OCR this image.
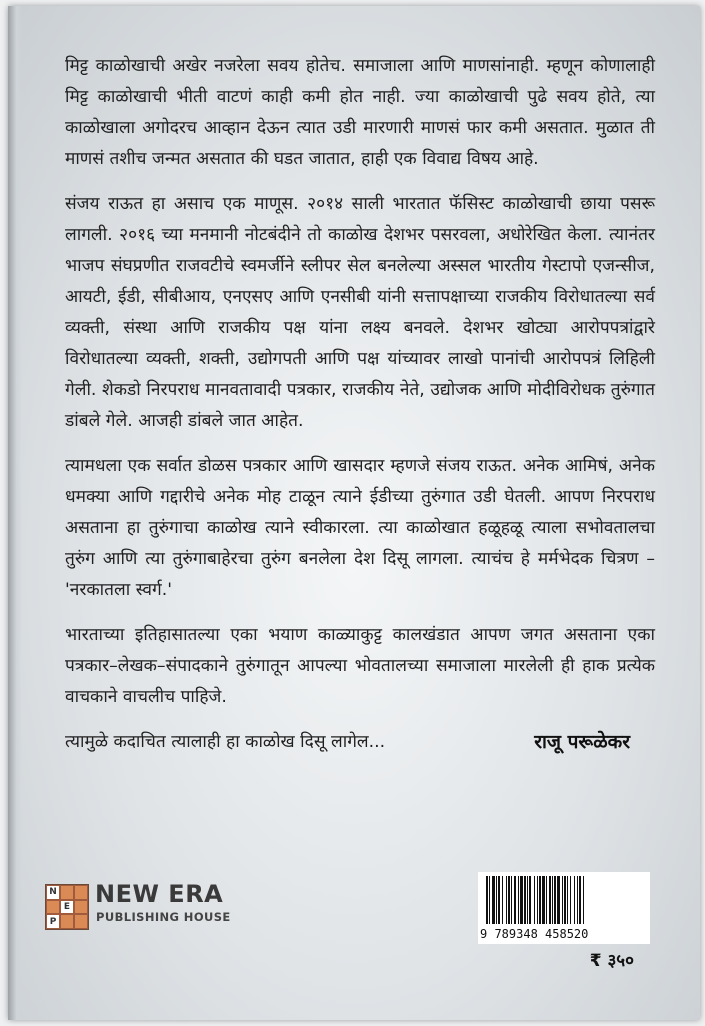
मिट्ट काळोखाची अखेर नजरेला सवय होतेच. समाजाला आणि माणसांनाही. म्हणून कोणालाही मिट्ट काळोखाची भीती वाटणं काही कमी होत नाही. ज्या काळोखाची पुढे सवय होते, त्या काळोखाला अगोदरच आव्हान देऊन त्यात उडी मारणारी माणसं फार कमी असतात. मुळात ती माणसं तशीच जन्मत असतात की घडत जातात, हाही एक विवाद्य विषय आहे.

संजय राऊत हा असाच एक माणूस. २०१४ साली भारतात फॅसिस्ट काळोखाची छाया पसरू लागली. २०१६ च्या मनमानी नोटबंदीने तो काळोख देशभर पसरवला, अधोरेखित केला. त्यानंतर भाजप संघप्रणीत राजवटीचे स्वमर्जीने स्लीपर सेल बनलेल्या अस्सल भारतीय गेस्टापो एजन्सीज, आयटी, ईडी, सीबीआय, एनएसए आणि एनसीबी यांनी सत्तापक्षाच्या राजकीय विरोधातल्या सर्व व्यक्ती, संस्था आणि राजकीय पक्ष यांना लक्ष्य बनवले. देशभर खोट्या आरोपपत्रांद्वारे विरोधातल्या व्यक्ती, शक्ती, उद्योगपती आणि पक्ष यांच्यावर लाखो पानांची आरोपपत्रं लिहिली गेली. शेकडो निरपराध मानवतावादी पत्रकार, राजकीय नेते, उद्योजक आणि मोदीविरोधक तुरुंगात डांबले गेले. आजही डांबले जात आहेत.

त्यामधला एक सर्वात डोळस पत्रकार आणि खासदार म्हणजे संजय राऊत. अनेक आमिषं, अनेक धमक्या आणि गद्दारीचे अनेक मोह टाळून त्याने ईडीच्या तुरुंगात उडी घेतली. आपण निरपराध असताना हा तुरुंगाचा काळोख त्याने स्वीकारला. त्या काळोखात हळूहळू त्याला सभोवतालचा तुरुंग आणि त्या तुरुंगाबाहेरचा तुरुंग बनलेला देश दिसू लागला. त्याचंच हे मर्मभेदक चित्रण – 'नरकातला स्वर्ग.'

भारताच्या इतिहासातल्या एका भयाण काळ्याकुट्ट कालखंडात आपण जगत असताना एका पत्रकार–लेखक–संपादकाने तुरुंगातून आपल्या भोवतालच्या समाजाला मारलेली ही हाक प्रत्येक वाचकाने वाचलीच पाहिजे.

त्यामुळे कदाचित त्यालाही हा काळोख दिसू लागेल...	राजू परूळेकर
N
E
P
NEW ERA
PUBLISHING HOUSE
9 789348 458520
₹ ३५०
